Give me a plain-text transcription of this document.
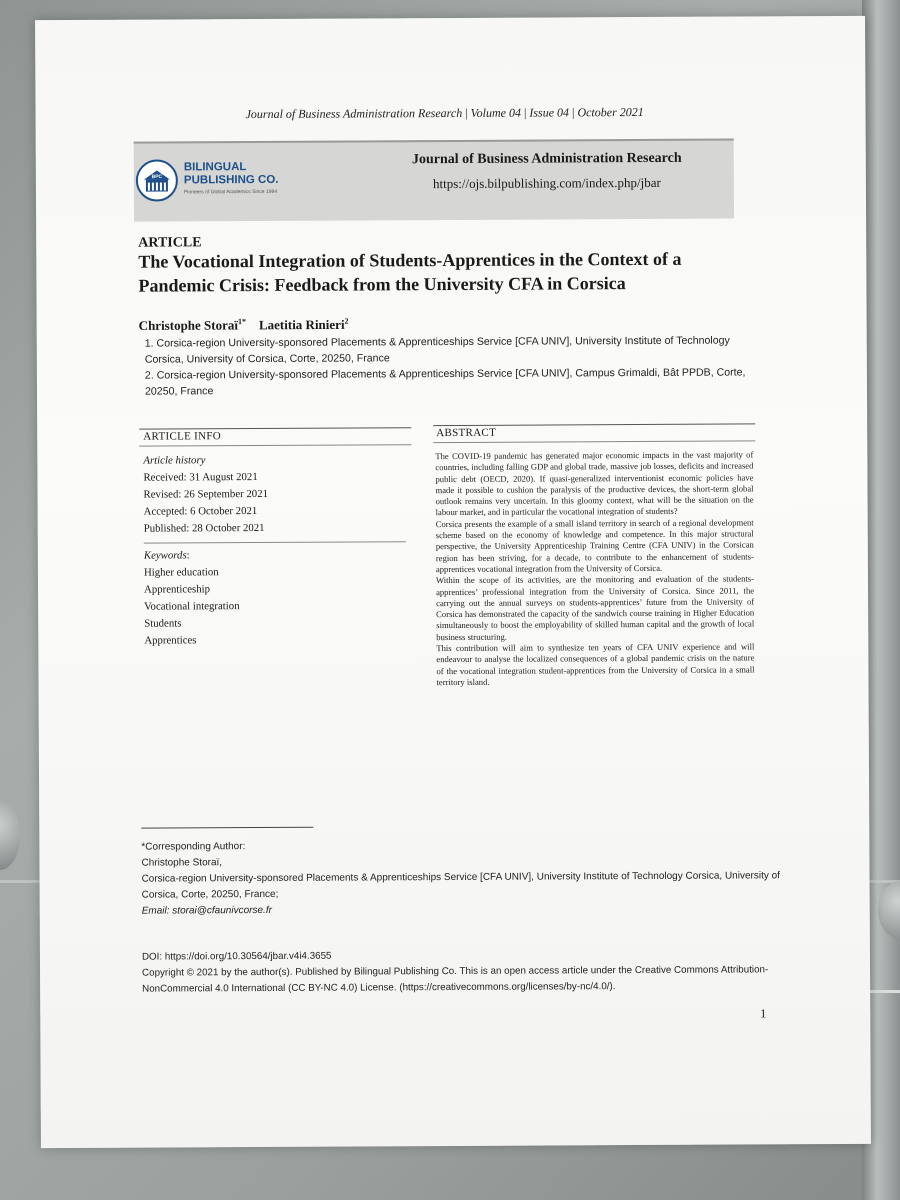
Journal of Business Administration Research | Volume 04 | Issue 04 | October 2021
BPC
BILINGUAL
PUBLISHING CO.
Pioneers of Global Academics Since 1984
Journal of Business Administration Research
https://ojs.bilpublishing.com/index.php/jbar
ARTICLE
The Vocational Integration of Students-Apprentices in the Context of a Pandemic Crisis: Feedback from the University CFA in Corsica
Christophe Storaï$^{1*}$ Laetitia Rinieri$^2$
1. Corsica-region University-sponsored Placements & Apprenticeships Service [CFA UNIV], University Institute of Technology Corsica, University of Corsica, Corte, 20250, France
2. Corsica-region University-sponsored Placements & Apprenticeships Service [CFA UNIV], Campus Grimaldi, Bât PPDB, Corte, 20250, France
ARTICLE INFO
Article history
Received: 31 August 2021
Revised: 26 September 2021
Accepted: 6 October 2021
Published: 28 October 2021
Keywords:
Higher education
Apprenticeship
Vocational integration
Students
Apprentices
ABSTRACT

The COVID-19 pandemic has generated major economic impacts in the vast majority of countries, including falling GDP and global trade, massive job losses, deficits and increased public debt (OECD, 2020). If quasi-generalized interventionist economic policies have made it possible to cushion the paralysis of the productive devices, the short-term global outlook remains very uncertain. In this gloomy context, what will be the situation on the labour market, and in particular the vocational integration of students?

Corsica presents the example of a small island territory in search of a regional development scheme based on the economy of knowledge and competence. In this major structural perspective, the University Apprenticeship Training Centre (CFA UNIV) in the Corsican region has been striving, for a decade, to contribute to the enhancement of students-apprentices vocational integration from the University of Corsica.

Within the scope of its activities, are the monitoring and evaluation of the students-apprentices’ professional integration from the University of Corsica. Since 2011, the carrying out the annual surveys on students-apprentices’ future from the University of Corsica has demonstrated the capacity of the sandwich course training in Higher Education simultaneously to boost the employability of skilled human capital and the growth of local business structuring.

This contribution will aim to synthesize ten years of CFA UNIV experience and will endeavour to analyse the localized consequences of a global pandemic crisis on the nature of the vocational integration student-apprentices from the University of Corsica in a small territory island.

*Corresponding Author:
Christophe Storaï,
Corsica-region University-sponsored Placements & Apprenticeships Service [CFA UNIV], University Institute of Technology Corsica, University of Corsica, Corte, 20250, France;
Email: storai@cfaunivcorse.fr
DOI: https://doi.org/10.30564/jbar.v4i4.3655
Copyright © 2021 by the author(s). Published by Bilingual Publishing Co. This is an open access article under the Creative Commons Attribution-NonCommercial 4.0 International (CC BY-NC 4.0) License. (https://creativecommons.org/licenses/by-nc/4.0/).
1
